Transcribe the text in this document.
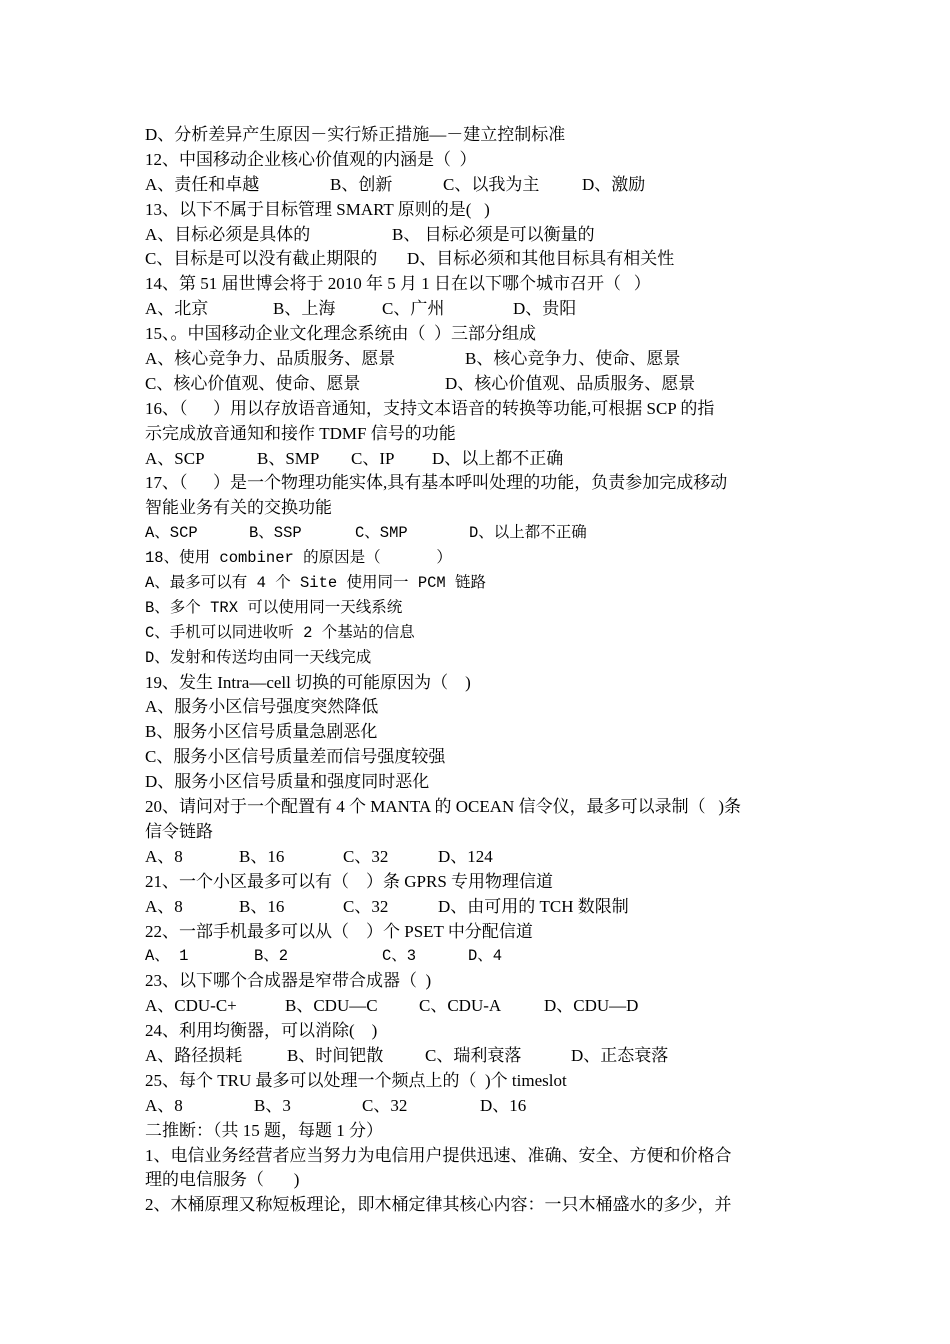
D、分析差异产生原因－实行矫正措施—－建立控制标准
12、中国移动企业核心价值观的内涵是（  ）
A、责任和卓越	B、创新	C、以我为主	D、激励
13、以下不属于目标管理 SMART 原则的是(   )
A、目标必须是具体的	B、 目标必须是可以衡量的
C、目标是可以没有截止期限的 D、目标必须和其他目标具有相关性
14、第 51 届世博会将于 2010 年 5 月 1 日在以下哪个城市召开（   ）
A、北京	B、上海	C、广州	D、贵阳
15、。中国移动企业文化理念系统由（  ）三部分组成
A、核心竞争力、品质服务、愿景	B、核心竞争力、使命、愿景
C、核心价值观、使命、愿景	D、核心价值观、品质服务、愿景
16、（      ）用以存放语音通知，支持文本语音的转换等功能,可根据 SCP 的指
示完成放音通知和接作 TDMF 信号的功能
A、SCP	B、SMP C、IP D、以上都不正确
17、（      ）是一个物理功能实体,具有基本呼叫处理的功能，负责参加完成移动
智能业务有关的交换功能
A、SCP	B、SSP	C、SMP	D、以上都不正确
18、使用 combiner 的原因是（      ）
A、最多可以有 4 个 Site 使用同一 PCM 链路
B、多个 TRX 可以使用同一天线系统
C、手机可以同进收听 2 个基站的信息
D、发射和传送均由同一天线完成
19、发生 Intra—cell 切换的可能原因为（    )
A、服务小区信号强度突然降低
B、服务小区信号质量急剧恶化
C、服务小区信号质量差而信号强度较强
D、服务小区信号质量和强度同时恶化
20、请问对于一个配置有 4 个 MANTA 的 OCEAN 信令仪，最多可以录制（   )条
信令链路
A、8	B、16	C、32	D、124
21、一个小区最多可以有（    ）条 GPRS 专用物理信道
A、8	B、16	C、32	D、由可用的 TCH 数限制
22、一部手机最多可以从（    ）个 PSET 中分配信道
A、 1	B、2	C、3	D、4
23、以下哪个合成器是窄带合成器（  )
A、CDU-C+	B、CDU—C C、CDU-A	D、CDU—D
24、利用均衡器，可以消除(    )
A、路径损耗	B、时间钯散 C、瑞利衰落	D、正态衰落
25、每个 TRU 最多可以处理一个频点上的（  )个 timeslot
A、8	B、3	C、32	D、16
二推断：（共 15 题，每题 1 分）
1、电信业务经营者应当努力为电信用户提供迅速、准确、安全、方便和价格合
理的电信服务（       )
2、木桶原理又称短板理论，即木桶定律其核心内容：一只木桶盛水的多少，并
